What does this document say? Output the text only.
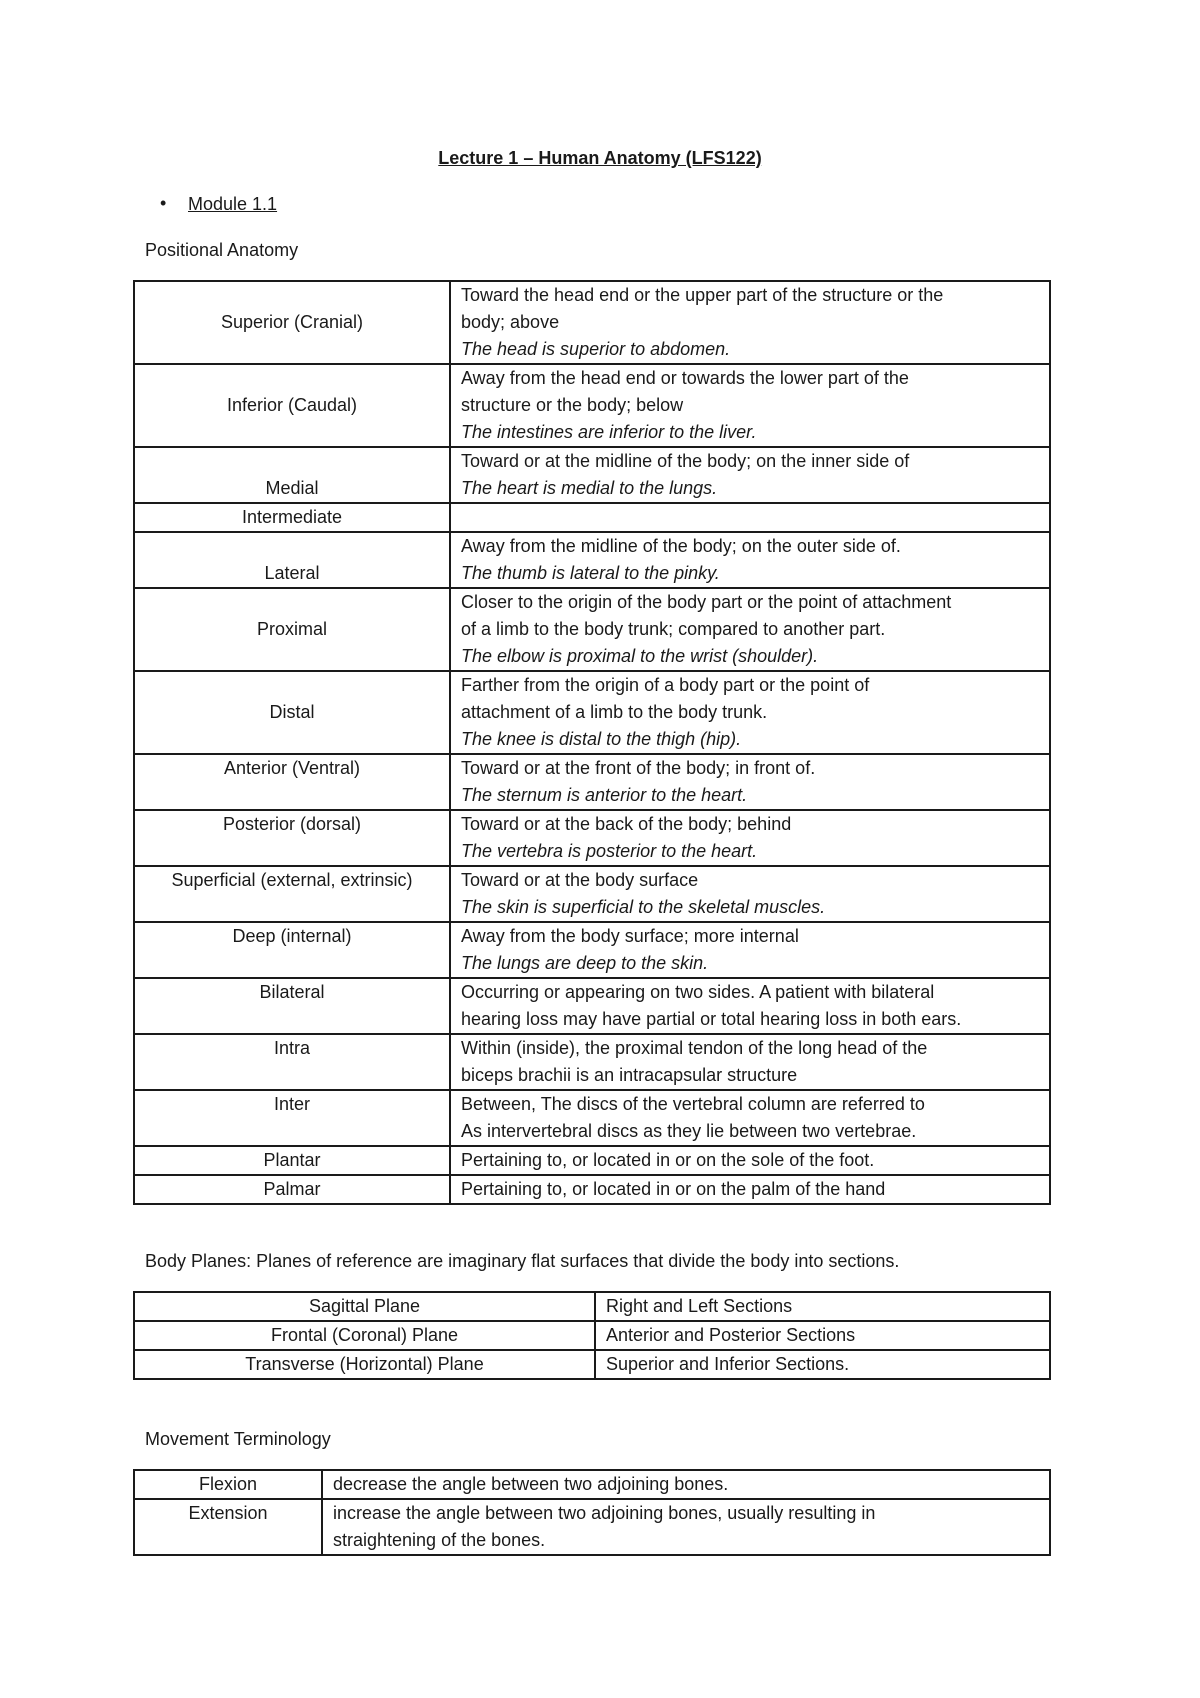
Lecture 1 – Human Anatomy (LFS122)
• Module 1.1
Positional Anatomy
Superior (Cranial)	Toward the head end or the upper part of the structure or the
body; above
The head is superior to abdomen.

Inferior (Caudal)	Away from the head end or towards the lower part of the
structure or the body; below
The intestines are inferior to the liver.

Medial	Toward or at the midline of the body; on the inner side of
The heart is medial to the lungs.

Intermediate	
Lateral	Away from the midline of the body; on the outer side of.
The thumb is lateral to the pinky.

Proximal	Closer to the origin of the body part or the point of attachment
of a limb to the body trunk; compared to another part.
The elbow is proximal to the wrist (shoulder).

Distal	Farther from the origin of a body part or the point of
attachment of a limb to the body trunk.
The knee is distal to the thigh (hip).

Anterior (Ventral)	Toward or at the front of the body; in front of.
The sternum is anterior to the heart.

Posterior (dorsal)	Toward or at the back of the body; behind
The vertebra is posterior to the heart.

Superficial (external, extrinsic)	Toward or at the body surface
The skin is superficial to the skeletal muscles.

Deep (internal)	Away from the body surface; more internal
The lungs are deep to the skin.

Bilateral	Occurring or appearing on two sides. A patient with bilateral
hearing loss may have partial or total hearing loss in both ears.

Intra	Within (inside), the proximal tendon of the long head of the
biceps brachii is an intracapsular structure

Inter	Between, The discs of the vertebral column are referred to
As intervertebral discs as they lie between two vertebrae.

Plantar	Pertaining to, or located in or on the sole of the foot.

Palmar	Pertaining to, or located in or on the palm of the hand
Body Planes: Planes of reference are imaginary flat surfaces that divide the body into sections.
Sagittal Plane	Right and Left Sections
Frontal (Coronal) Plane	Anterior and Posterior Sections
Transverse (Horizontal) Plane	Superior and Inferior Sections.
Movement Terminology
Flexion	decrease the angle between two adjoining bones.

Extension	increase the angle between two adjoining bones, usually resulting in
straightening of the bones.
